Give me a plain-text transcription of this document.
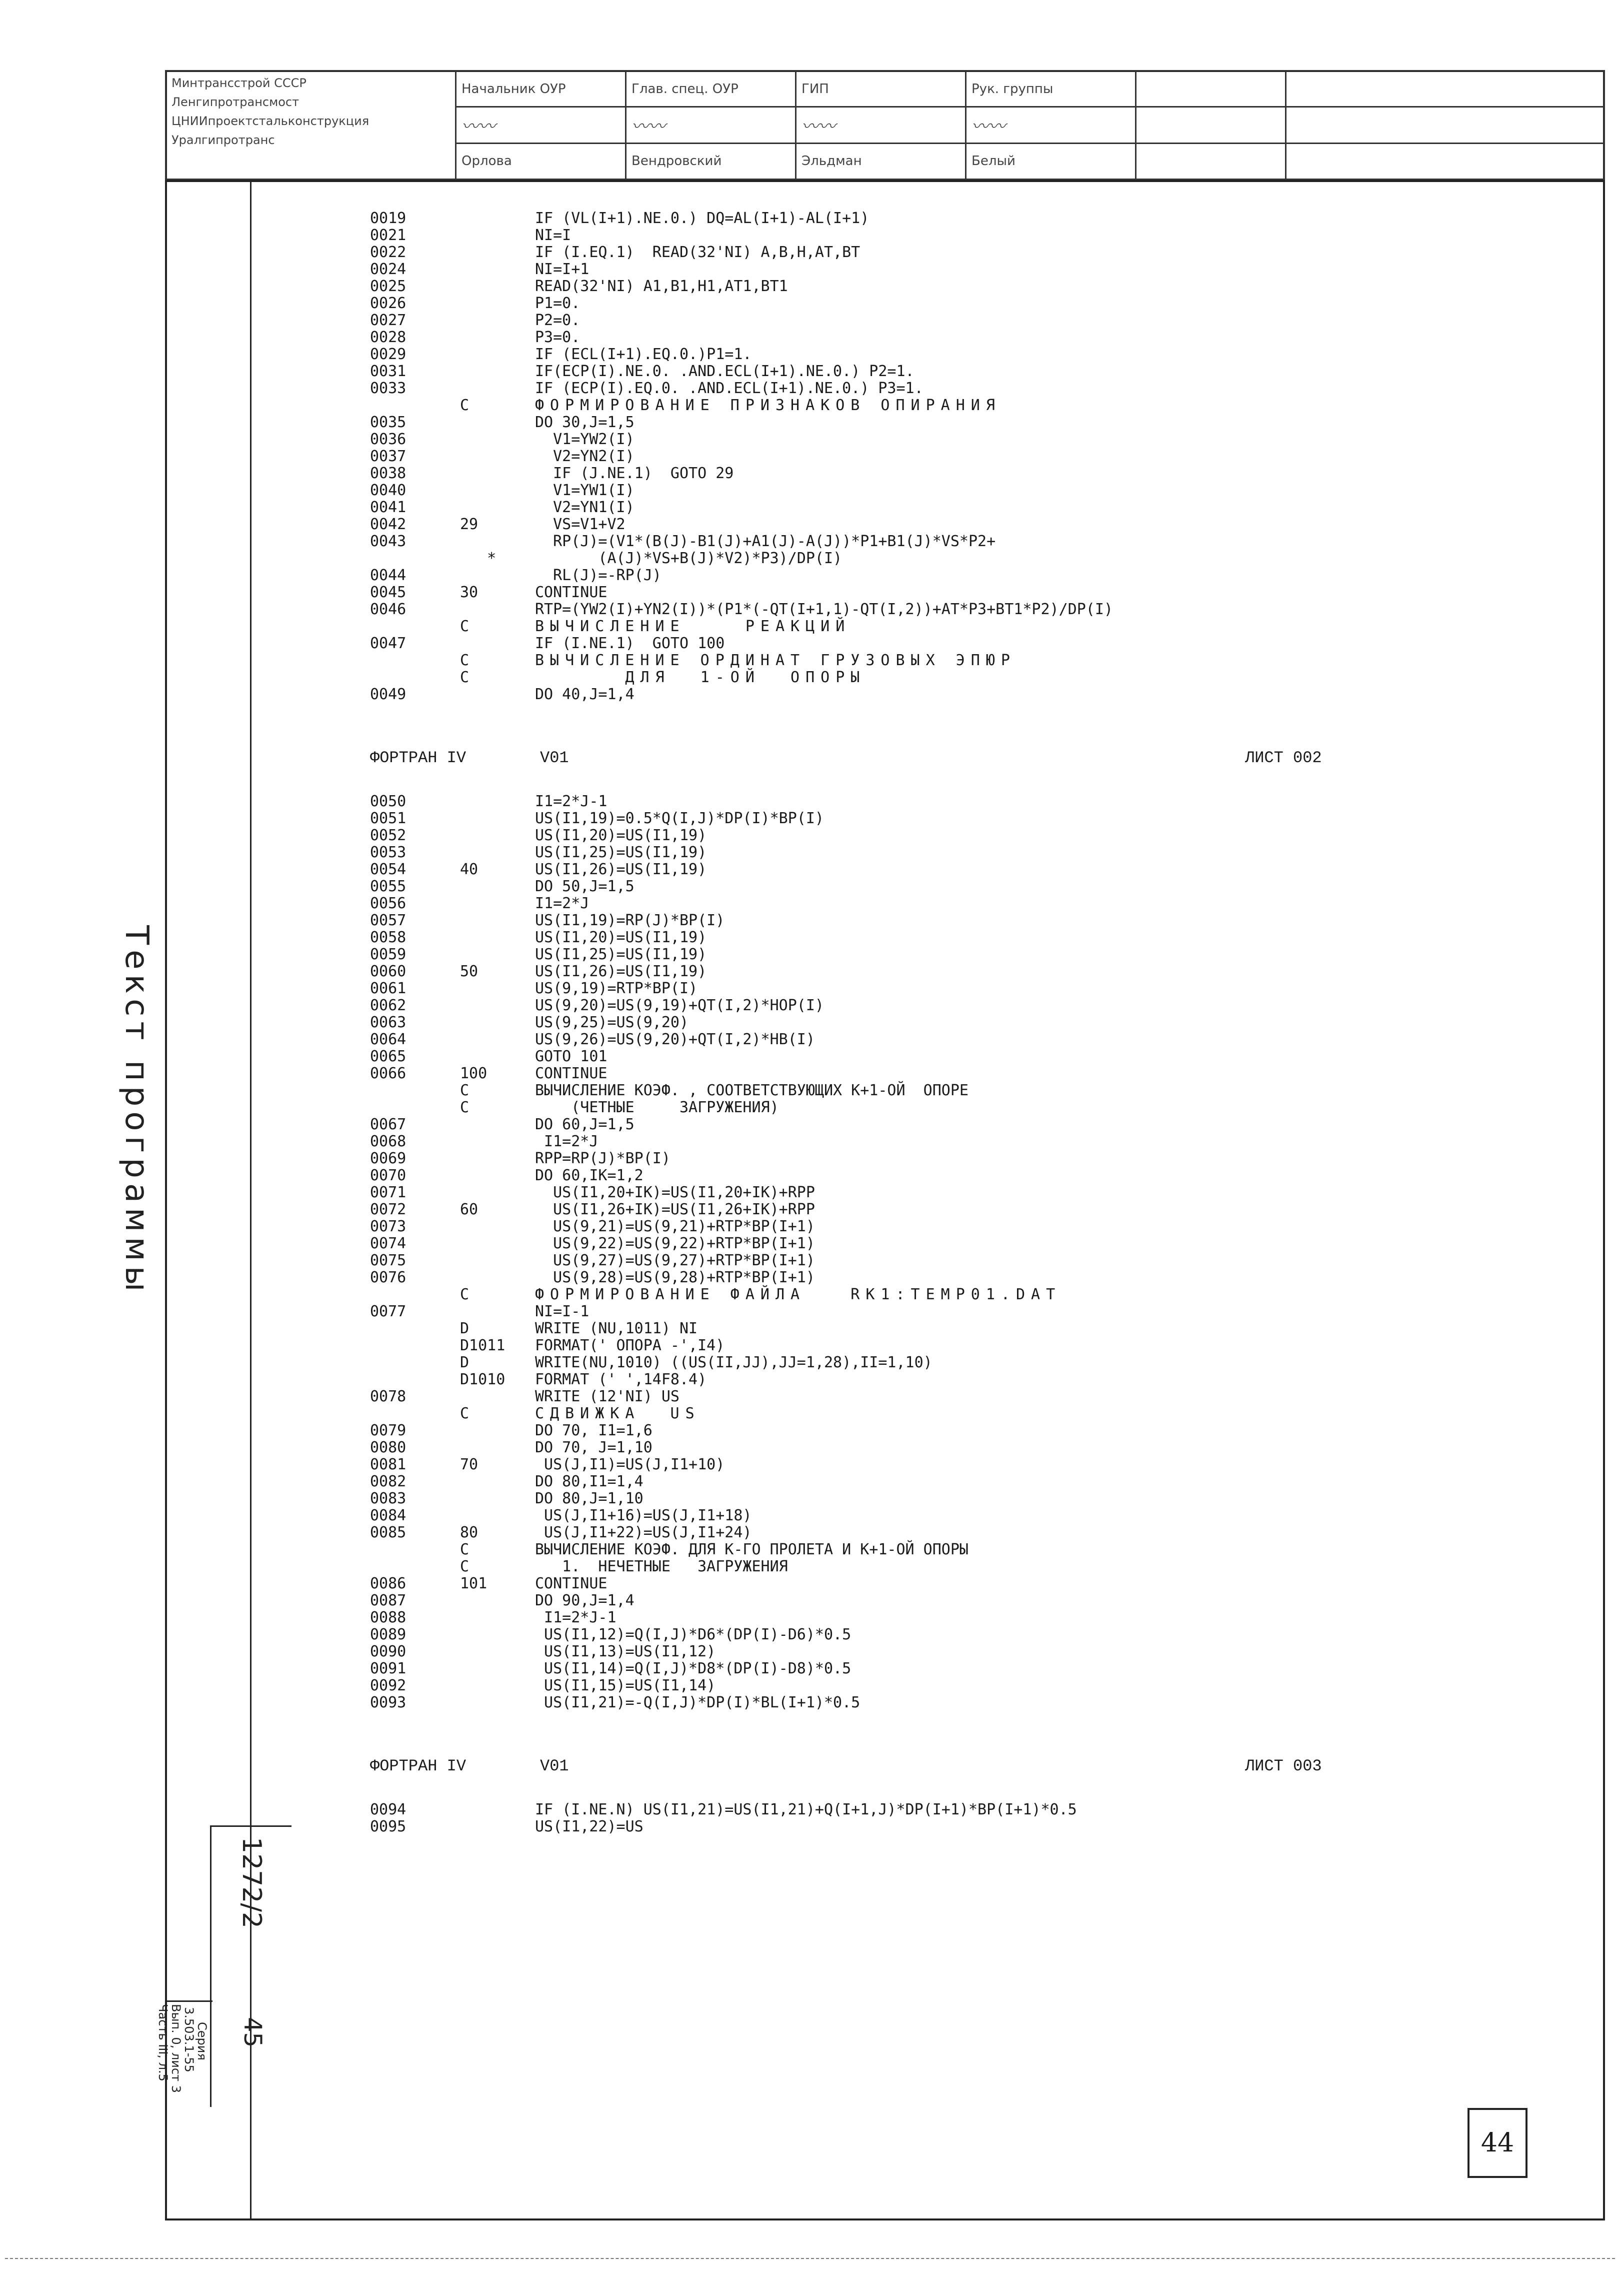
Минтрансстрой СССР
Ленгипротрансмост
ЦНИИпроектстальконструкция
Уралгипротранс	Начальник ОУР	Глав. спец. ОУР	ГИП	Рук. группы		
	〰〰	〰〰	〰〰	〰〰		
	Орлова	Вендровский	Эльдман	Белый		
Текст программы
1272/2
45
Серия
3.503.1-55
Вып. 0, лист 3
Часть III, л.5
0019	IF (VL(I+1).NE.0.) DQ=AL(I+1)-AL(I+1)
0021	NI=I
0022	IF (I.EQ.1)  READ(32'NI) A,B,H,AT,BT
0024	NI=I+1
0025	READ(32'NI) A1,B1,H1,AT1,BT1
0026	P1=0.
0027	P2=0.
0028	P3=0.
0029	IF (ECL(I+1).EQ.0.)P1=1.
0031	IF(ECP(I).NE.0. .AND.ECL(I+1).NE.0.) P2=1.
0033	IF (ECP(I).EQ.0. .AND.ECL(I+1).NE.0.) P3=1.
C	ФОРМИРОВАНИЕ ПРИЗНАКОВ ОПИРАНИЯ
0035	DO 30,J=1,5
0036	V1=YW2(I)
0037	V2=YN2(I)
0038	IF (J.NE.1)  GOTO 29
0040	V1=YW1(I)
0041	V2=YN1(I)
0042	29	VS=V1+V2
0043	RP(J)=(V1*(B(J)-B1(J)+A1(J)-A(J))*P1+B1(J)*VS*P2+
*	(A(J)*VS+B(J)*V2)*P3)/DP(I)
0044	RL(J)=-RP(J)
0045	30	CONTINUE
0046	RTP=(YW2(I)+YN2(I))*(P1*(-QT(I+1,1)-QT(I,2))+AT*P3+BT1*P2)/DP(I)
C	ВЫЧИСЛЕНИЕ    РЕАКЦИЙ
0047	IF (I.NE.1)  GOTO 100
C	ВЫЧИСЛЕНИЕ ОРДИНАТ ГРУЗОВЫХ ЭПЮР
C	ДЛЯ  1-ОЙ  ОПОРЫ
0049	DO 40,J=1,4
ФОРТРАН IV	V01	ЛИСТ 002
0050	I1=2*J-1
0051	US(I1,19)=0.5*Q(I,J)*DP(I)*BP(I)
0052	US(I1,20)=US(I1,19)
0053	US(I1,25)=US(I1,19)
0054	40	US(I1,26)=US(I1,19)
0055	DO 50,J=1,5
0056	I1=2*J
0057	US(I1,19)=RP(J)*BP(I)
0058	US(I1,20)=US(I1,19)
0059	US(I1,25)=US(I1,19)
0060	50	US(I1,26)=US(I1,19)
0061	US(9,19)=RTP*BP(I)
0062	US(9,20)=US(9,19)+QT(I,2)*HOP(I)
0063	US(9,25)=US(9,20)
0064	US(9,26)=US(9,20)+QT(I,2)*HB(I)
0065	GOTO 101
0066	100	CONTINUE
C	ВЫЧИСЛЕНИЕ КОЭФ. , СООТВЕТСТВУЮЩИХ К+1-ОЙ  ОПОРЕ
C	(ЧЕТНЫЕ     ЗАГРУЖЕНИЯ)
0067	DO 60,J=1,5
0068	I1=2*J
0069	RPP=RP(J)*BP(I)
0070	DO 60,IK=1,2
0071	US(I1,20+IK)=US(I1,20+IK)+RPP
0072	60	US(I1,26+IK)=US(I1,26+IK)+RPP
0073	US(9,21)=US(9,21)+RTP*BP(I+1)
0074	US(9,22)=US(9,22)+RTP*BP(I+1)
0075	US(9,27)=US(9,27)+RTP*BP(I+1)
0076	US(9,28)=US(9,28)+RTP*BP(I+1)
C	ФОРМИРОВАНИЕ ФАЙЛА   RK1:TEMP01.DAT
0077	NI=I-1
D	WRITE (NU,1011) NI
D1011	FORMAT(' ОПОРА -',I4)
D	WRITE(NU,1010) ((US(II,JJ),JJ=1,28),II=1,10)
D1010	FORMAT (' ',14F8.4)
0078	WRITE (12'NI) US
C	СДВИЖКА  US
0079	DO 70, I1=1,6
0080	DO 70, J=1,10
0081	70	US(J,I1)=US(J,I1+10)
0082	DO 80,I1=1,4
0083	DO 80,J=1,10
0084	US(J,I1+16)=US(J,I1+18)
0085	80	US(J,I1+22)=US(J,I1+24)
C	ВЫЧИСЛЕНИЕ КОЭФ. ДЛЯ К-ГО ПРОЛЕТА И К+1-ОЙ ОПОРЫ
C	1.  НЕЧЕТНЫЕ   ЗАГРУЖЕНИЯ
0086	101	CONTINUE
0087	DO 90,J=1,4
0088	I1=2*J-1
0089	US(I1,12)=Q(I,J)*D6*(DP(I)-D6)*0.5
0090	US(I1,13)=US(I1,12)
0091	US(I1,14)=Q(I,J)*D8*(DP(I)-D8)*0.5
0092	US(I1,15)=US(I1,14)
0093	US(I1,21)=-Q(I,J)*DP(I)*BL(I+1)*0.5
ФОРТРАН IV	V01	ЛИСТ 003
0094	IF (I.NE.N) US(I1,21)=US(I1,21)+Q(I+1,J)*DP(I+1)*BP(I+1)*0.5
0095	US(I1,22)=US
44
